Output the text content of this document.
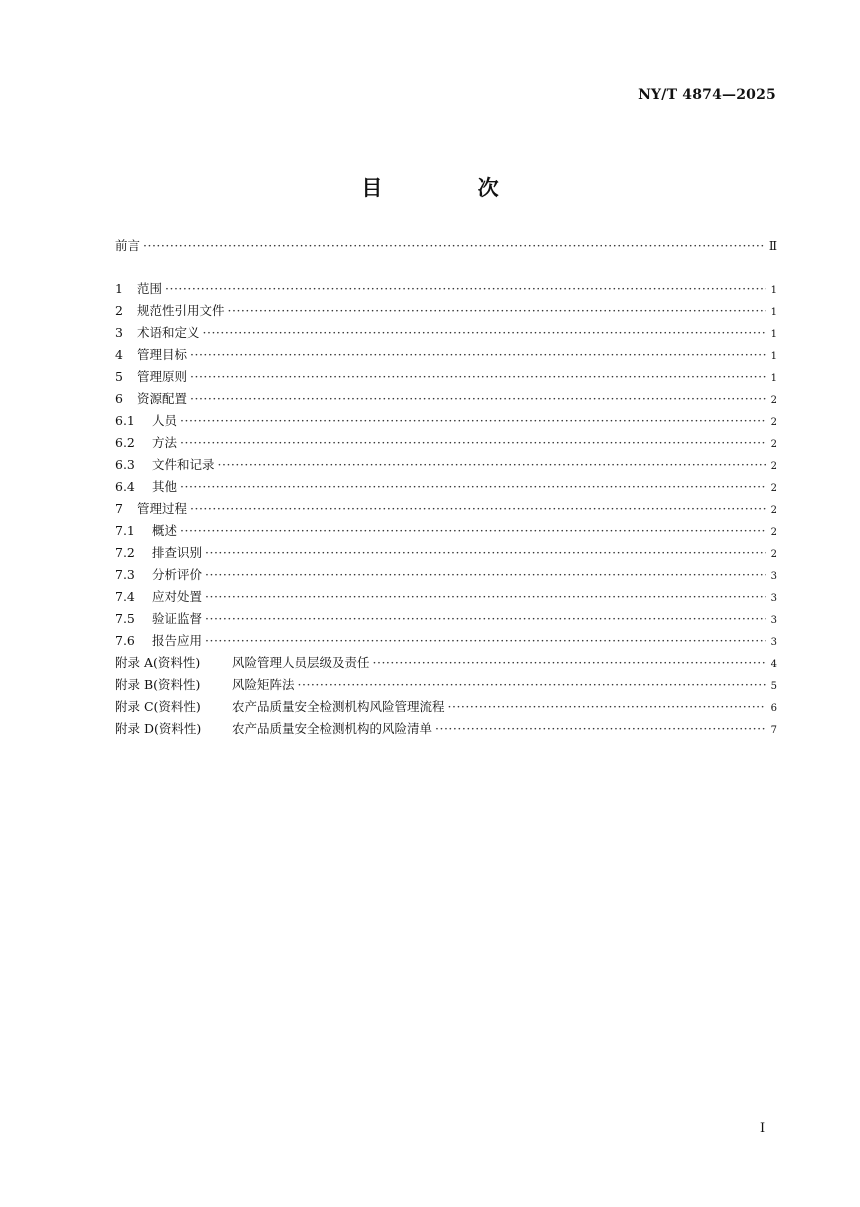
NY/T 4874—2025
目 次
前言 ·····	Ⅱ
1	范围 ·····	1
2	规范性引用文件 ·····	1
3	术语和定义 ·····	1
4	管理目标 ·····	1
5	管理原则 ·····	1
6	资源配置 ·····	2
6.1	人员 ·····	2
6.2	方法 ·····	2
6.3	文件和记录 ·····	2
6.4	其他 ·····	2
7	管理过程 ·····	2
7.1	概述 ·····	2
7.2	排查识别 ·····	2
7.3	分析评价 ·····	3
7.4	应对处置 ·····	3
7.5	验证监督 ·····	3
7.6	报告应用 ·····	3
附录 A(资料性)	风险管理人员层级及责任 ·····	4
附录 B(资料性)	风险矩阵法 ·····	5
附录 C(资料性)	农产品质量安全检测机构风险管理流程 ·····	6
附录 D(资料性)	农产品质量安全检测机构的风险清单 ·····	7
I
